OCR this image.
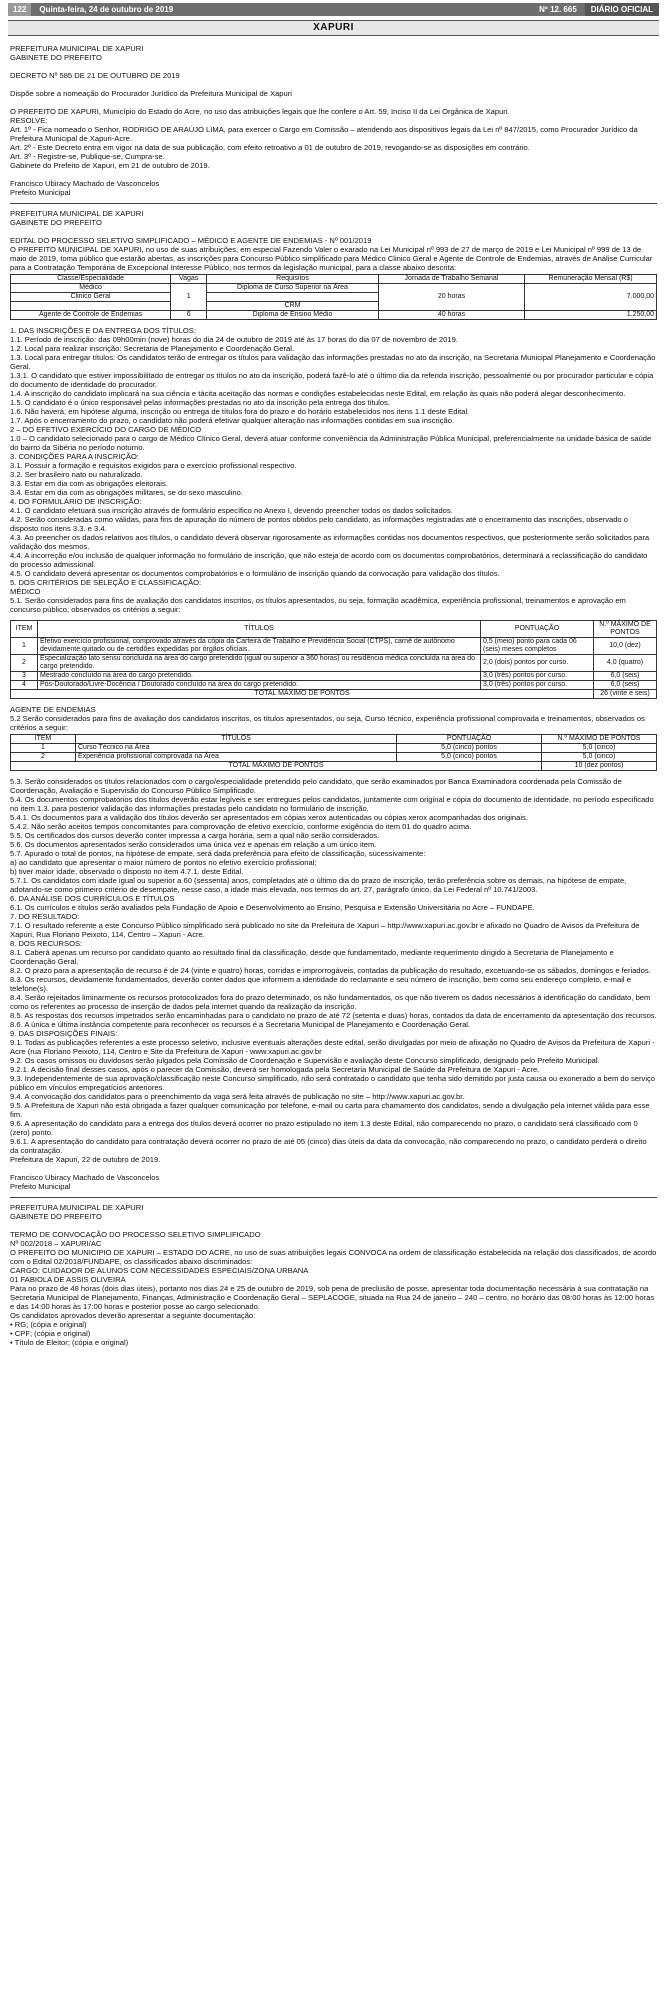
122	Quinta-feira, 24 de outubro de 2019	Nº 12. 665	DIÁRIO OFICIAL
XAPURI

PREFEITURA MUNICIPAL DE XAPURI

GABINETE DO PREFEITO

DECRETO Nº 585 DE 21 DE OUTUBRO DE 2019

Dispõe sobre a nomeação do Procurador Jurídico da Prefeitura Municipal de Xapuri

O PREFEITO DE XAPURI, Município do Estado do Acre, no uso das atribuições legais que lhe confere o Art. 59, Inciso II da Lei Orgânica de Xapuri.

RESOLVE:

Art. 1º - Fica nomeado o Senhor, RODRIGO DE ARAÚJO LIMA, para exercer o Cargo em Comissão – atendendo aos dispositivos legais da Lei nº 847/2015, como Procurador Jurídico da Prefeitura Municipal de Xapuri-Acre.

Art. 2º - Este Decreto entra em vigor na data de sua publicação, com efeito retroativo a 01 de outubro de 2019, revogando-se as disposições em contrário.

Art. 3º - Registre-se, Publique-se, Cumpra-se.

Gabinete do Prefeito de Xapuri, em 21 de outubro de 2019.

Francisco Ubiracy Machado de Vasconcelos

Prefeito Municipal

PREFEITURA MUNICIPAL DE XAPURI

GABINETE DO PREFEITO

EDITAL DO PROCESSO SELETIVO SIMPLIFICADO – MÉDICO E AGENTE DE ENDEMIAS - Nº 001/2019

O PREFEITO MUNICIPAL DE XAPURI, no uso de suas atribuições, em especial Fazendo Valer o exarado na Lei Municipal nº 993 de 27 de março de 2019 e Lei Municipal nº 999 de 13 de maio de 2019, toma público que estarão abertas, as inscrições para Concurso Público simplificado para Médico Clinico Geral e Agente de Controle de Endemias, através de Análise Curricular para a Contratação Temporária de Excepcional Interesse Público, nos termos da legislação municipal, para a classe abaixo descrita:

Classe/Especialidade	Vagas	Requisitos	Jornada de Trabalho Semanal	Remuneração Mensal (R$)
Médico	1	Diploma de Curso Superior na Área	20 horas	7.000,00
Clinico Geral				
		CRM		
Agente de Controle de Endemias	6	Diploma de Ensino Médio	40 horas	1.250,00

1. DAS INSCRIÇÕES E DA ENTREGA DOS TÍTULOS:

1.1. Período de inscrição: das 09h00min (nove) horas do dia 24 de outubro de 2019 até às 17 horas do dia 07 de novembro de 2019.

1.2. Local para realizar inscrição: Secretaria de Planejamento e Coordenação Geral.

1.3. Local para entregar títulos: Os candidatos terão de entregar os títulos para validação das informações prestadas no ato da inscrição, na Secretaria Municipal Planejamento e Coordenação Geral.

1.3.1. O candidato que estiver impossibilitado de entregar os títulos no ato da inscrição, poderá fazê-lo até o último dia da referida inscrição, pessoalmente ou por procurador particular e cópia do documento de identidade do procurador.

1.4. A inscrição do candidato implicará na sua ciência e tácita aceitação das normas e condições estabelecidas neste Edital, em relação às quais não poderá alegar desconhecimento.

1.5. O candidato é o único responsável pelas informações prestadas no ato da inscrição pela entrega dos títulos.

1.6. Não haverá, em hipótese alguma, inscrição ou entrega de títulos fora do prazo e do horário estabelecidos nos itens 1.1 deste Edital.

1.7. Após o encerramento do prazo, o candidato não poderá efetivar qualquer alteração nas informações contidas em sua inscrição.

2 – DO EFETIVO EXERCÍCIO DO CARGO DE MÉDICO

1.0 – O candidato selecionado para o cargo de Médico Clínico Geral, deverá atuar conforme conveniência da Administração Pública Municipal, preferencialmente na unidade básica de saúde do bairro da Sibéria no período noturno.

3. CONDIÇÕES PARA A INSCRIÇÃO:

3.1. Possuir a formação e requisitos exigidos para o exercício profissional respectivo.

3.2. Ser brasileiro nato ou naturalizado.

3.3. Estar em dia com as obrigações eleitorais.

3.4. Estar em dia com as obrigações militares, se do sexo masculino.

4. DO FORMULÁRIO DE INSCRIÇÃO:

4.1. O candidato efetuará sua inscrição através de formulário específico no Anexo I, devendo preencher todos os dados solicitados.

4.2. Serão consideradas como válidas, para fins de apuração do número de pontos obtidos pelo candidato, as informações registradas até o encerramento das inscrições, observado o disposto nos itens 3.3. e 3.4.

4.3. Ao preencher os dados relativos aos títulos, o candidato deverá observar rigorosamente as informações contidas nos documentos respectivos, que posteriormente serão solicitados para validação dos mesmos.

4.4. A incorreção e/ou inclusão de qualquer informação no formulário de inscrição, que não esteja de acordo com os documentos comprobatórios, determinará a reclassificação do candidato do processo admissional.

4.5. O candidato deverá apresentar os documentos comprobatórios e o formulário de inscrição quando da convocação para validação dos títulos.

5. DOS CRITÉRIOS DE SELEÇÃO E CLASSIFICAÇÃO:

MÉDICO

5.1. Serão considerados para fins de avaliação dos candidatos inscritos, os títulos apresentados, ou seja, formação acadêmica, experiência profissional, treinamentos e aprovação em concurso público, observados os critérios a seguir:

ITEM	TÍTULOS	PONTUAÇÃO	N.º MÁXIMO DE PONTOS
1	Efetivo exercício profissional, comprovado através da cópia da Carteira de Trabalho e Previdência Social (CTPS), carnê de autônomo devidamente quitado ou de certidões expedidas por órgãos oficiais.	0,5 (meio) ponto para cada 06 (seis) meses completos	10,0 (dez)
2	Especialização lato sensu concluída na área do cargo pretendido (igual ou superior a 360 horas) ou residência médica concluída na área do cargo pretendido.	2,0 (dois) pontos por curso.	4,0 (quatro)
3	Mestrado concluído na área do cargo pretendido.	3,0 (três) pontos por curso.	6,0 (seis)
4	Pós-Doutorado/Livre-Docência / Doutorado concluído na área do cargo pretendido.	3,0 (três) pontos por curso.	6,0 (seis)
TOTAL MÁXIMO DE PONTOS			26 (vinte e seis)

AGENTE DE ENDEMIAS

5.2 Serão considerados para fins de avaliação dos candidatos inscritos, os títulos apresentados, ou seja, Curso técnico, experiência profissional comprovada e treinamentos, observados os critérios a seguir:

ITEM	TÍTULOS	PONTUAÇÃO	N.º MÁXIMO DE PONTOS
1	Curso Técnico na Área	5,0 (cinco) pontos	5,0 (cinco)
2	Experiência profissional comprovada na Área	5,0 (cinco) pontos	5,0 (cinco)
TOTAL MÁXIMO DE PONTOS			10 (dez pontos)

5.3. Serão considerados os títulos relacionados com o cargo/especialidade pretendido pelo candidato, que serão examinados por Banca Examinadora coordenada pela Comissão de Coordenação, Avaliação e Supervisão do Concurso Público Simplificado.

5.4. Os documentos comprobatórios dos títulos deverão estar legíveis e ser entregues pelos candidatos, juntamente com original e cópia do documento de identidade, no período especificado no item 1.3. para posterior validação das informações prestadas pelo candidato no formulário de inscrição.

5.4.1. Os documentos para a validação dos títulos deverão ser apresentados em cópias xerox autenticadas ou cópias xerox acompanhadas dos originais.

5.4.2. Não serão aceitos tempos concomitantes para comprovação de efetivo exercício, conforme exigência do item 01 do quadro acima.

5.5. Os certificados dos cursos deverão conter impressa a carga horária, sem a qual não serão considerados.

5.6. Os documentos apresentados serão considerados uma única vez e apenas em relação a um único item.

5.7. Apurado o total de pontos, na hipótese de empate, será dada preferência para efeito de classificação, sucessivamente:

a) ao candidato que apresentar o maior número de pontos no efetivo exercício profissional;

b) tiver maior idade, observado o disposto no item 4.7.1. deste Edital.

5.7.1. Os candidatos com idade igual ou superior a 60 (sessenta) anos, completados até o último dia do prazo de inscrição, terão preferência sobre os demais, na hipótese de empate, adotando-se como primeiro critério de desempate, nesse caso, a idade mais elevada, nos termos do art. 27, parágrafo único, da Lei Federal nº 10.741/2003.

6. DA ANÁLISE DOS CURRÍCULOS E TÍTULOS

6.1. Os currículos e títulos serão avaliados pela Fundação de Apoio e Desenvolvimento ao Ensino, Pesquisa e Extensão Universitária no Acre – FUNDAPE.

7. DO RESULTADO:

7.1. O resultado referente a este Concurso Público simplificado será publicado no site da Prefeitura de Xapuri – http://www.xapuri.ac.gov.br e afixado no Quadro de Avisos da Prefeitura de Xapuri, Rua Floriano Peixoto, 114, Centro – Xapuri - Acre.

8. DOS RECURSOS:

8.1. Caberá apenas um recurso por candidato quanto ao resultado final da classificação, desde que fundamentado, mediante requerimento dirigido à Secretaria de Planejamento e Coordenação Geral.

8.2. O prazo para a apresentação de recurso é de 24 (vinte e quatro) horas, corridas e improrrogáveis, contadas da publicação do resultado, excetuando-se os sábados, domingos e feriados.

8.3. Os recursos, devidamente fundamentados, deverão conter dados que informem a identidade do reclamante e seu número de inscrição, bem como seu endereço completo, e-mail e telefone(s).

8.4. Serão rejeitados liminarmente os recursos protocolizados fora do prazo determinado, os não fundamentados, os que não tiverem os dados necessários à identificação do candidato, bem como os referentes ao processo de inserção de dados pela internet quando da realização da inscrição.

8.5. As respostas dos recursos impetrados serão encaminhadas para o candidato no prazo de até 72 (setenta e duas) horas, contados da data de encerramento da apresentação dos recursos.

8.6. A única e última instância competente para reconhecer os recursos é a Secretaria Municipal de Planejamento e Coordenação Geral.

9. DAS DISPOSIÇÕES FINAIS:

9.1. Todas as publicações referentes a este processo seletivo, inclusive eventuais alterações deste edital, serão divulgadas por meio de afixação no Quadro de Avisos da Prefeitura de Xapuri - Acre (rua Floriano Peixoto, 114, Centro e Site da Prefeitura de Xapuri - www.xapuri.ac.gov.br

9.2. Os casos omissos ou duvidosos serão julgados pela Comissão de Coordenação e Supervisão e avaliação deste Concurso simplificado, designado pelo Prefeito Municipal.

9.2.1. A decisão final desses casos, após o parecer da Comissão, deverá ser homologada pela Secretaria Municipal de Saúde da Prefeitura de Xapuri - Acre.

9.3. Independentemente de sua aprovação/classificação neste Concurso simplificado, não será contratado o candidato que tenha sido demitido por justa causa ou exonerado a bem do serviço público em vínculos empregatícios anteriores.

9.4. A convocação dos candidatos para o preenchimento da vaga será feita através de publicação no site – http://www.xapuri.ac.gov.br.

9.5. A Prefeitura de Xapuri não está obrigada a fazer qualquer comunicação por telefone, e-mail ou carta para chamamento dos candidatos, sendo a divulgação pela internet válida para esse fim.

9.6. A apresentação do candidato para a entrega dos títulos deverá ocorrer no prazo estipulado no item 1.3 deste Edital, não comparecendo no prazo, o candidato será classificado com 0 (zero) ponto.

9.6.1. A apresentação do candidato para contratação deverá ocorrer no prazo de até 05 (cinco) dias úteis da data da convocação, não comparecendo no prazo, o candidato perderá o direito da contratação.

Prefeitura de Xapuri, 22 de outubro de 2019.

Francisco Ubiracy Machado de Vasconcelos

Prefeito Municipal

PREFEITURA MUNICIPAL DE XAPURI

GABINETE DO PREFEITO

TERMO DE CONVOCAÇÃO DO PROCESSO SELETIVO SIMPLIFICADO

Nº 002/2018 – XAPURI/AC

O PREFEITO DO MUNICIPIO DE XAPURI – ESTADO DO ACRE, no uso de suas atribuições legais CONVOCA na ordem de classificação estabelecida na relação dos classificados, de acordo com o Edital 02/2018/FUNDAPE, os classificados abaixo discriminados:

CARGO: CUIDADOR DE ALUNOS COM NECESSIDADES ESPECIAIS/ZONA URBANA

01 FABIOLA DE ASSIS OLIVEIRA

Para no prazo de 48 horas (dois dias úteis), portanto nos dias 24 e 25 de outubro de 2019, sob pena de preclusão de posse, apresentar toda documentação necessária à sua contratação na Secretaria Municipal de Planejamento, Finanças, Administração e Coordenação Geral – SEPLACOGE, situada na Rua 24 de janeiro – 240 – centro, no horário das 08:00 horas às 12:00 horas e das 14:00 horas às 17:00 horas e posterior posse ao cargo selecionado.

Os candidatos aprovados deverão apresentar a seguinte documentação:

• RG; (cópia e original)

• CPF; (cópia e original)

• Título de Eleitor; (cópia e original)
